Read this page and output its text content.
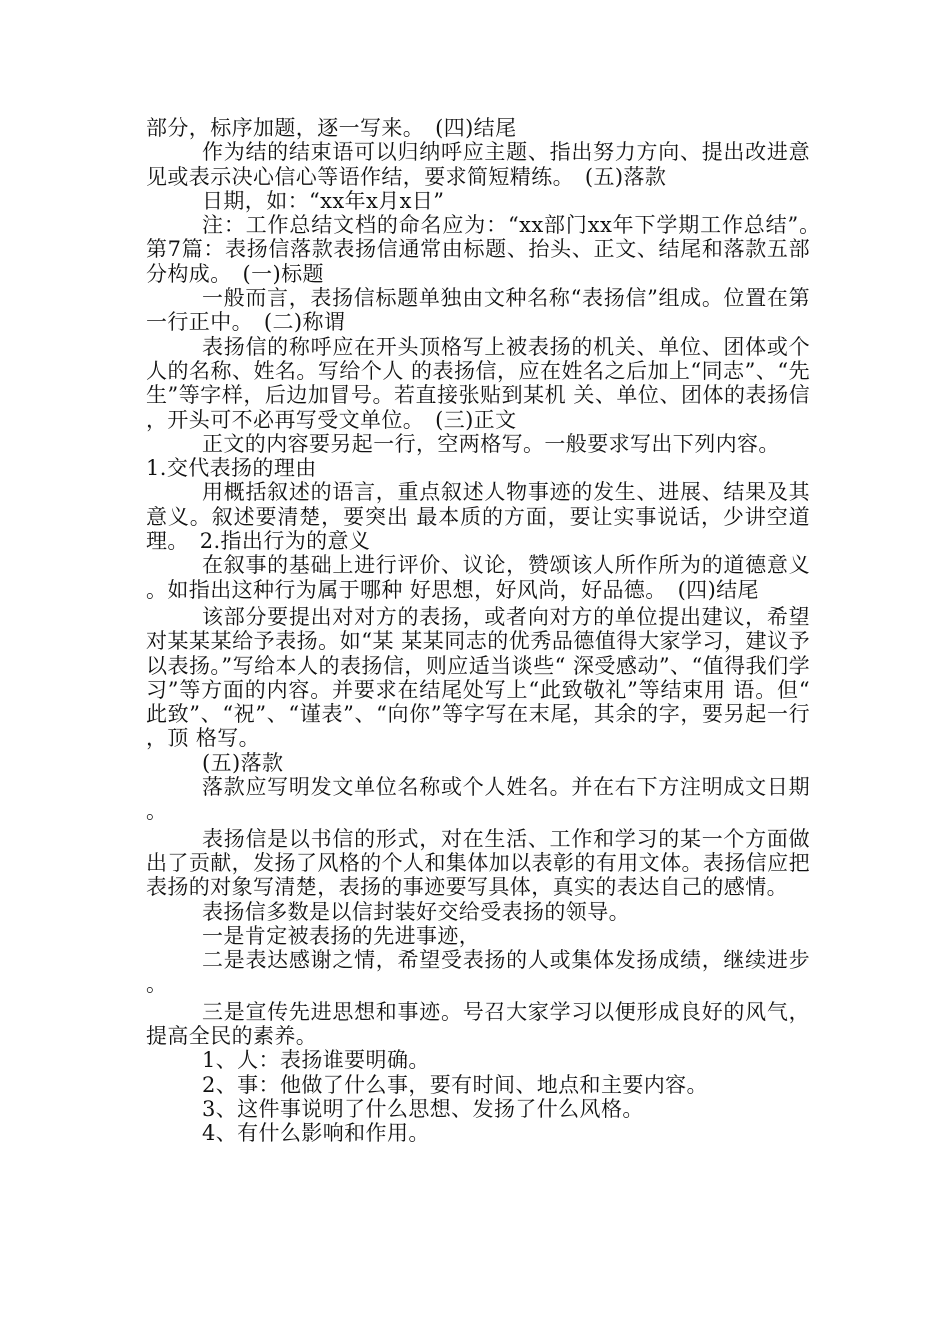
部分，标序加题，逐一写来。　(四)结尾

作为结的结束语可以归纳呼应主题、指出努力方向、提出改进意见或表示决心信心等语作结，要求简短精练。　(五)落款

日期，如：“xx年x月x日”

注：工作总结文档的命名应为：“xx部门xx年下学期工作总结”。　第7篇：表扬信落款表扬信通常由标题、抬头、正文、结尾和落款五部分构成。　(一)标题

一般而言，表扬信标题单独由文种名称“表扬信”组成。位置在第一行正中。　(二)称谓

表扬信的称呼应在开头顶格写上被表扬的机关、单位、团体或个人的名称、姓名。写给个人 的表扬信，应在姓名之后加上“同志”、“先生”等字样，后边加冒号。若直接张贴到某机 关、单位、团体的表扬信，开头可不必再写受文单位。　(三)正文

正文的内容要另起一行，空两格写。一般要求写出下列内容。

1.交代表扬的理由

用概括叙述的语言，重点叙述人物事迹的发生、进展、结果及其意义。叙述要清楚，要突出 最本质的方面，要让实事说话，少讲空道理。　2.指出行为的意义

在叙事的基础上进行评价、议论，赞颂该人所作所为的道德意义。如指出这种行为属于哪种 好思想，好风尚，好品德。　(四)结尾

该部分要提出对对方的表扬，或者向对方的单位提出建议，希望对某某某给予表扬。如“某 某某同志的优秀品德值得大家学习，建议予以表扬。”写给本人的表扬信，则应适当谈些“ 深受感动”、“值得我们学习”等方面的内容。并要求在结尾处写上“此致敬礼”等结束用 语。但“此致”、“祝”、“谨表”、“向你”等字写在末尾，其余的字，要另起一行，顶 格写。

(五)落款

落款应写明发文单位名称或个人姓名。并在右下方注明成文日期。

表扬信是以书信的形式，对在生活、工作和学习的某一个方面做出了贡献，发扬了风格的个人和集体加以表彰的有用文体。表扬信应把表扬的对象写清楚，表扬的事迹要写具体，真实的表达自己的感情。

表扬信多数是以信封装好交给受表扬的领导。

一是肯定被表扬的先进事迹，

二是表达感谢之情，希望受表扬的人或集体发扬成绩，继续进步。

三是宣传先进思想和事迹。号召大家学习以便形成良好的风气，提高全民的素养。

1、人：表扬谁要明确。

2、事：他做了什么事，要有时间、地点和主要内容。

3、这件事说明了什么思想、发扬了什么风格。

4、有什么影响和作用。
